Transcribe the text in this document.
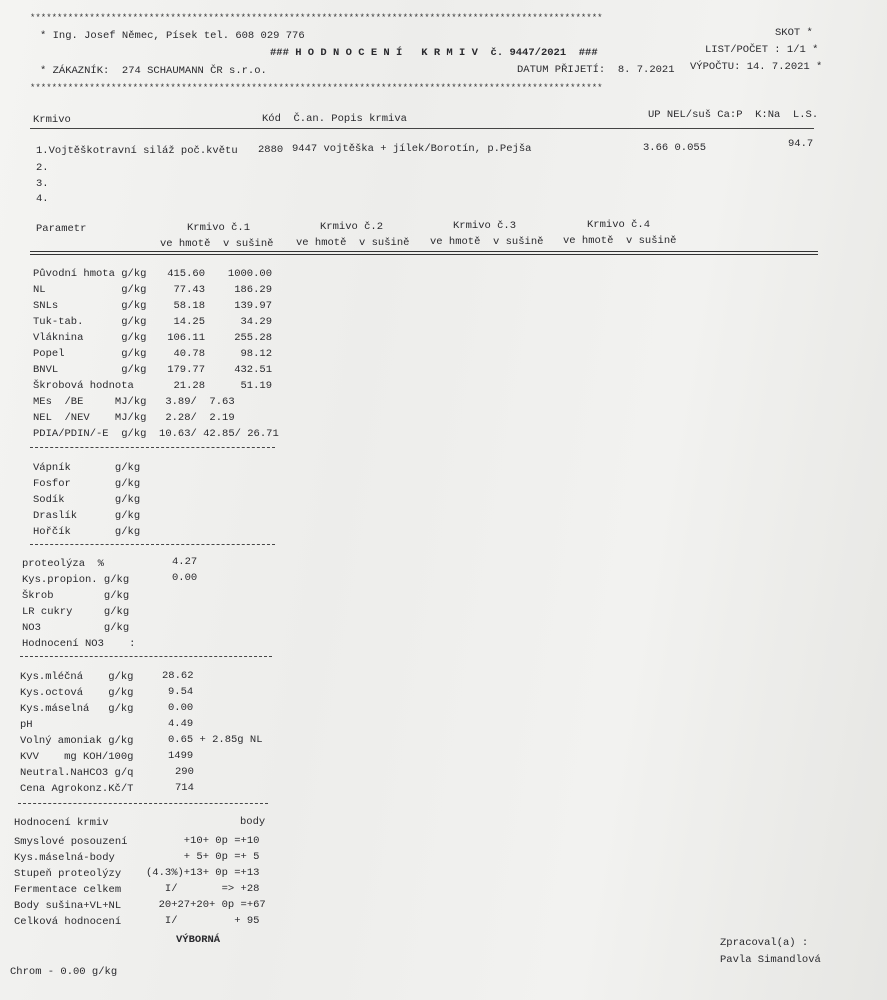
**********************************************************************************************************
* Ing. Josef Němec, Písek tel. 608 029 776	SKOT *
### H O D N O C E N Í   K R M I V  č. 9447/2021  ###	LIST/POČET : 1/1 *
* ZÁKAZNÍK:  274 SCHAUMANN ČR s.r.o.	DATUM PŘIJETÍ:  8. 7.2021 VÝPOČTU: 14. 7.2021 *
**********************************************************************************************************
Krmivo	Kód  Č.an. Popis krmiva	UP NEL/suš Ca:P  K:Na  L.S.
1.Vojtěškotravní siláž poč.květu 2880 9447 vojtěška + jílek/Borotín, p.Pejša	3.66 0.055	94.7
2.
3.
4.
Parametr	Krmivo č.1	Krmivo č.2	Krmivo č.3	Krmivo č.4
ve hmotě  v sušině ve hmotě  v sušině ve hmotě  v sušině ve hmotě  v sušině
Původní hmota g/kg	415.60	1000.00
NL            g/kg	77.43	186.29
SNLs          g/kg	58.18	139.97
Tuk-tab.      g/kg	14.25	34.29
Vláknina      g/kg	106.11	255.28
Popel         g/kg	40.78	98.12
BNVL          g/kg	179.77	432.51
Škrobová hodnota	21.28	51.19
MEs  /BE     MJ/kg   3.89/  7.63
NEL  /NEV    MJ/kg   2.28/  2.19
PDIA/PDIN/-E  g/kg  10.63/ 42.85/ 26.71
Vápník       g/kg
Fosfor       g/kg
Sodík        g/kg
Draslík      g/kg
Hořčík       g/kg
proteolýza  %	4.27
Kys.propion. g/kg	0.00
Škrob        g/kg
LR cukry     g/kg
NO3          g/kg
Hodnocení NO3    :
Kys.mléčná    g/kg	28.62
Kys.octová    g/kg	9.54
Kys.máselná   g/kg	0.00
pH	4.49
Volný amoniak g/kg	0.65 + 2.85g NL
KVV    mg KOH/100g	1499
Neutral.NaHCO3 g/q	290
Cena Agrokonz.Kč/T	714
Hodnocení krmiv	body
Smyslové posouzení +10+ 0p =+10
Kys.máselná-body	+ 5+ 0p =+ 5
Stupeň proteolýzy (4.3%)+13+ 0p =+13
Fermentace celkem I/       => +28
Body sušina+VL+NL 20+27+20+ 0p =+67
Celková hodnocení I/         + 95
VÝBORNÁ
Chrom - 0.00 g/kg
Zpracoval(a) :
Pavla Simandlová
